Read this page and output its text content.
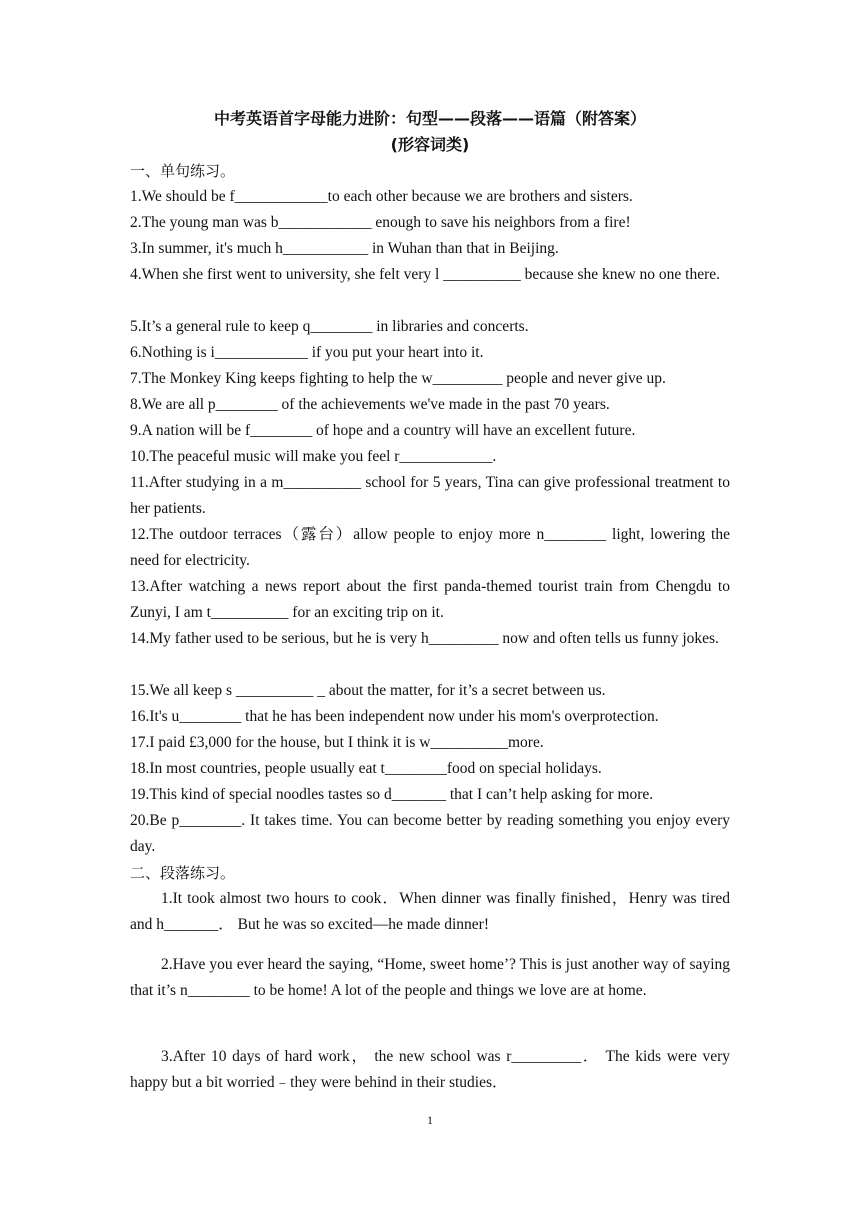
中考英语首字母能力进阶：句型——段落——语篇（附答案）
(形容词类)
一、单句练习。
1.We should be f____________to each other because we are brothers and sisters.
2.The young man was b____________ enough to save his neighbors from a fire!
3.In summer, it's much h___________ in Wuhan than that in Beijing.
4.When she first went to university, she felt very l __________ because she knew no one there.
5.It’s a general rule to keep q________ in libraries and concerts.
6.Nothing is i____________ if you put your heart into it.
7.The Monkey King keeps fighting to help the w_________ people and never give up.
8.We are all p________ of the achievements we've made in the past 70 years.
9.A nation will be f________ of hope and a country will have an excellent future.
10.The peaceful music will make you feel r____________.
11.After studying in a m__________ school for 5 years, Tina can give professional treatment to her patients.
12.The outdoor terraces（露台）allow people to enjoy more n________ light, lowering the need for electricity.
13.After watching a news report about the first panda-themed tourist train from Chengdu to Zunyi, I am t__________ for an exciting trip on it.
14.My father used to be serious, but he is very h_________ now and often tells us funny jokes.
15.We all keep s __________ _ about the matter, for it’s a secret between us.
16.It's u________ that he has been independent now under his mom's overprotection.
17.I paid £3,000 for the house, but I think it is w__________more.
18.In most countries, people usually eat t________food on special holidays.
19.This kind of special noodles tastes so d_______ that I can’t help asking for more.
20.Be p________. It takes time. You can become better by reading something you enjoy every day.
二、段落练习。
1.It took almost two hours to cook．When dinner was finally finished，Henry was tired and h_______． But he was so excited—he made dinner!
2.Have you ever heard the saying, “Home, sweet home’? This is just another way of saying that it’s n________ to be home! A lot of the people and things we love are at home.
3.After 10 days of hard work， the new school was r_________． The kids were very happy but a bit worried﹣they were behind in their studies．
1
